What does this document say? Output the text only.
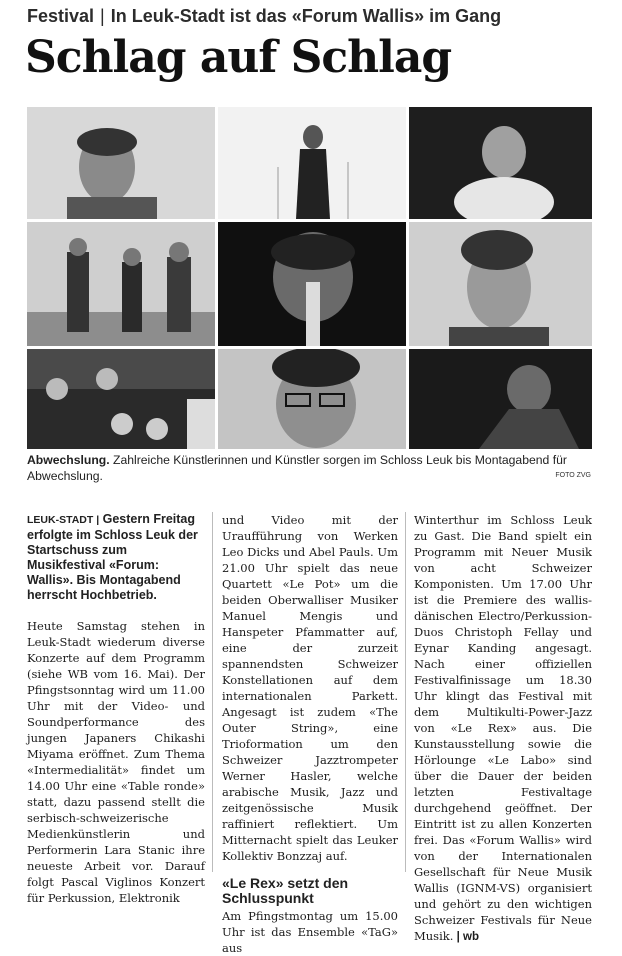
Festival | In Leuk-Stadt ist das «Forum Wallis» im Gang
Schlag auf Schlag
Abwechslung. Zahlreiche Künstlerinnen und Künstler sorgen im Schloss Leuk bis Montagabend für Abwechslung.	FOTO ZVG
LEUK-STADT | Gestern Freitag erfolgte im Schloss Leuk der Startschuss zum Musikfestival «Forum: Wallis». Bis Montagabend herrscht Hochbetrieb.

Heute Samstag stehen in Leuk-Stadt wiederum diverse Konzerte auf dem Programm (siehe WB vom 16. Mai). Der Pfingstsonntag wird um 11.00 Uhr mit der Video- und Soundperformance des jungen Japaners Chikashi Miyama eröffnet. Zum Thema «Intermedialität» findet um 14.00 Uhr eine «Table ronde» statt, dazu passend stellt die serbisch-schweizerische Medienkünstlerin und Performerin Lara Stanic ihre neueste Arbeit vor. Darauf folgt Pascal Viglinos Konzert für Perkussion, Elektronik

und Video mit der Uraufführung von Werken Leo Dicks und Abel Pauls. Um 21.00 Uhr spielt das neue Quartett «Le Pot» um die beiden Oberwalliser Musiker Manuel Mengis und Hanspeter Pfammatter auf, eine der zurzeit spannendsten Schweizer Konstellationen auf dem internationalen Parkett. Angesagt ist zudem «The Outer String», eine Trioformation um den Schweizer Jazztrompeter Werner Hasler, welche arabische Musik, Jazz und zeitgenössische Musik raffiniert reflektiert. Um Mitternacht spielt das Leuker Kollektiv Bonzzaj auf.

«Le Rex» setzt den Schlusspunkt

Am Pfingstmontag um 15.00 Uhr ist das Ensemble «TaG» aus

Winterthur im Schloss Leuk zu Gast. Die Band spielt ein Programm mit Neuer Musik von acht Schweizer Komponisten. Um 17.00 Uhr ist die Premiere des wallis-dänischen Electro/Perkussion-Duos Christoph Fellay und Eynar Kanding angesagt. Nach einer offiziellen Festivalfinissage um 18.30 Uhr klingt das Festival mit dem Multikulti-Power-Jazz von «Le Rex» aus. Die Kunstausstellung sowie die Hörlounge «Le Labo» sind über die Dauer der beiden letzten Festivaltage durchgehend geöffnet. Der Eintritt ist zu allen Konzerten frei. Das «Forum Wallis» wird von der Internationalen Gesellschaft für Neue Musik Wallis (IGNM-VS) organisiert und gehört zu den wichtigen Schweizer Festivals für Neue Musik. | wb
